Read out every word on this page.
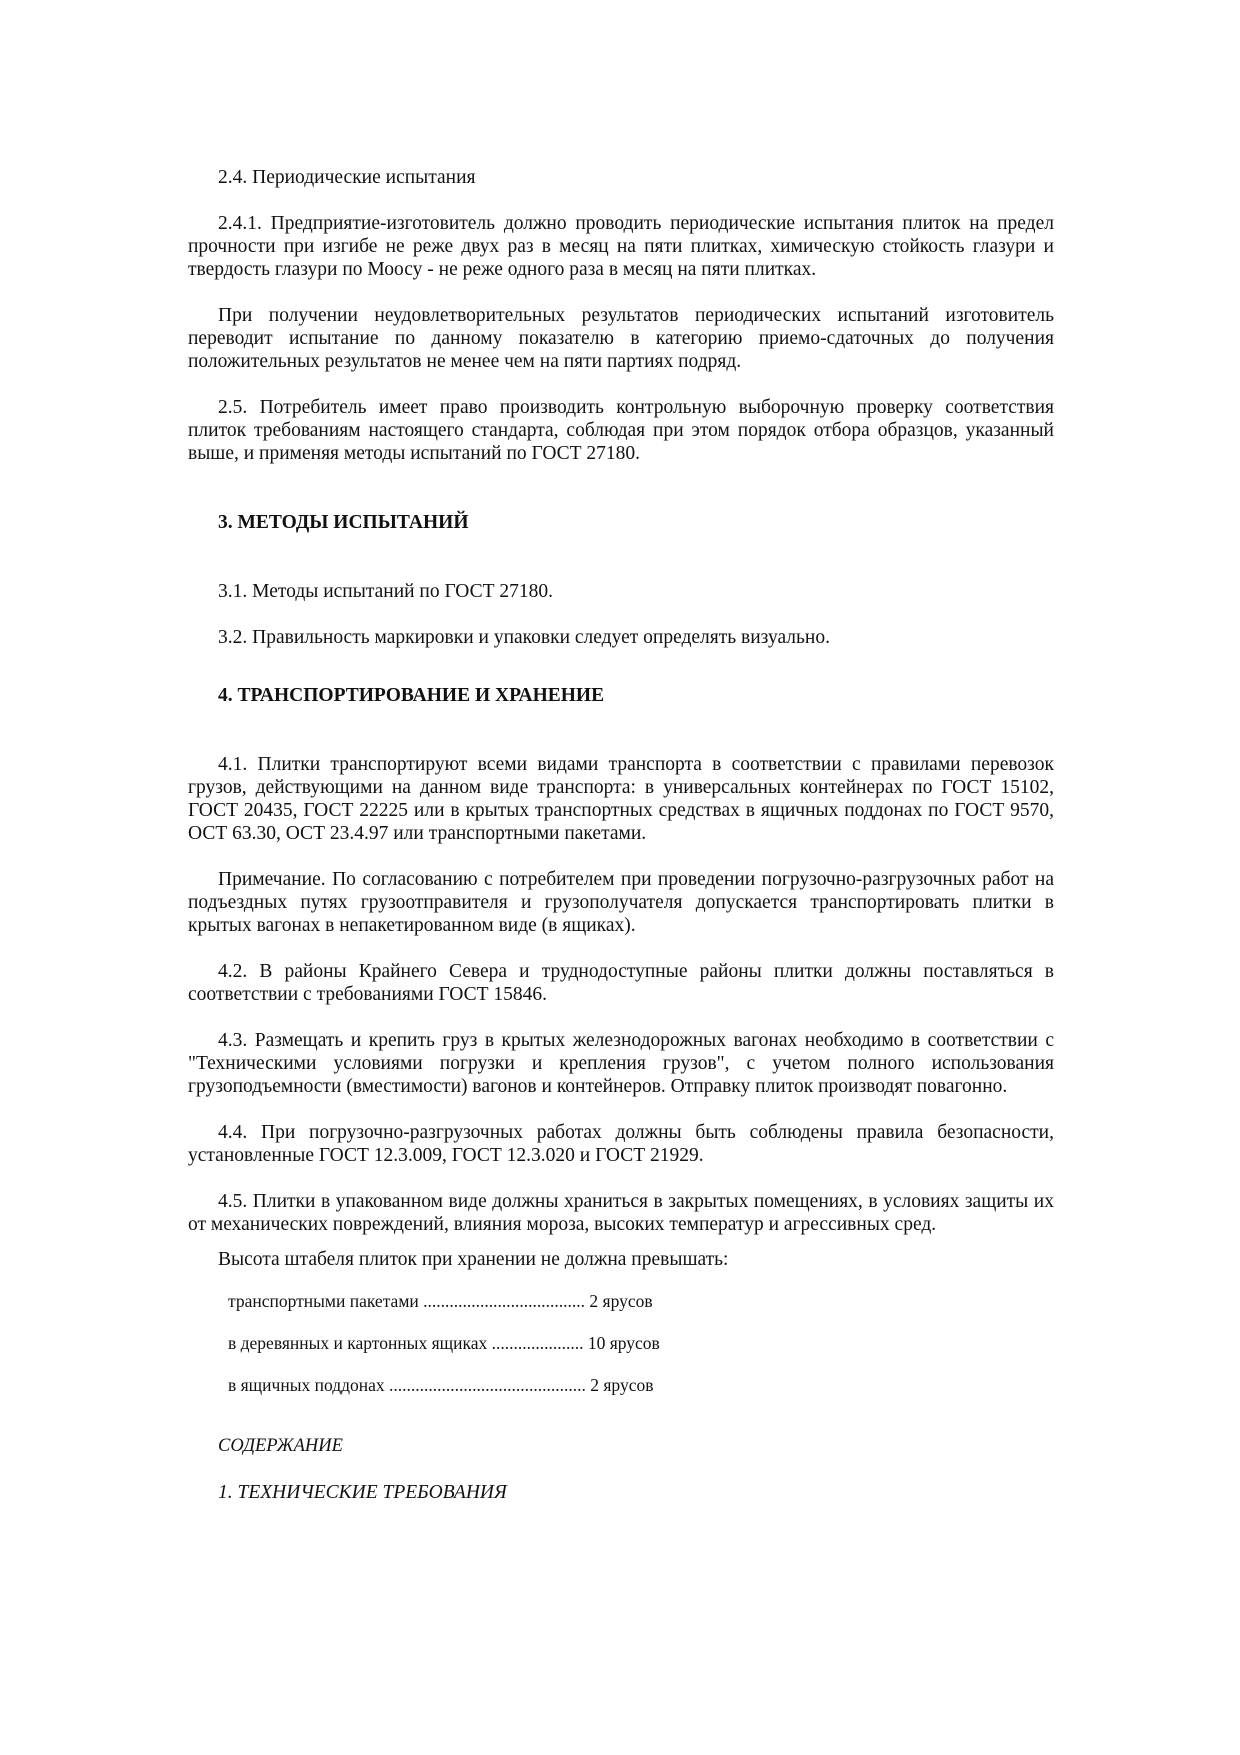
2.4. Периодические испытания

2.4.1. Предприятие-изготовитель должно проводить периодические испытания плиток на предел прочности при изгибе не реже двух раз в месяц на пяти плитках, химическую стойкость глазури и твердость глазури по Моосу - не реже одного раза в месяц на пяти плитках.

При получении неудовлетворительных результатов периодических испытаний изготовитель переводит испытание по данному показателю в категорию приемо-сдаточных до получения положительных результатов не менее чем на пяти партиях подряд.

2.5. Потребитель имеет право производить контрольную выборочную проверку соответствия плиток требованиям настоящего стандарта, соблюдая при этом порядок отбора образцов, указанный выше, и применяя методы испытаний по ГОСТ 27180.

3. МЕТОДЫ ИСПЫТАНИЙ

3.1. Методы испытаний по ГОСТ 27180.

3.2. Правильность маркировки и упаковки следует определять визуально.

4. ТРАНСПОРТИРОВАНИЕ И ХРАНЕНИЕ

4.1. Плитки транспортируют всеми видами транспорта в соответствии с правилами перевозок грузов, действующими на данном виде транспорта: в универсальных контейнерах по ГОСТ 15102, ГОСТ 20435, ГОСТ 22225 или в крытых транспортных средствах в ящичных поддонах по ГОСТ 9570, ОСТ 63.30, ОСТ 23.4.97 или транспортными пакетами.

Примечание. По согласованию с потребителем при проведении погрузочно-разгрузочных работ на подъездных путях грузоотправителя и грузополучателя допускается транспортировать плитки в крытых вагонах в непакетированном виде (в ящиках).

4.2. В районы Крайнего Севера и труднодоступные районы плитки должны поставляться в соответствии с требованиями ГОСТ 15846.

4.3. Размещать и крепить груз в крытых железнодорожных вагонах необходимо в соответствии с "Техническими условиями погрузки и крепления грузов", с учетом полного использования грузоподъемности (вместимости) вагонов и контейнеров. Отправку плиток производят повагонно.

4.4. При погрузочно-разгрузочных работах должны быть соблюдены правила безопасности, установленные ГОСТ 12.3.009, ГОСТ 12.3.020 и ГОСТ 21929.

4.5. Плитки в упакованном виде должны храниться в закрытых помещениях, в условиях защиты их от механических повреждений, влияния мороза, высоких температур и агрессивных сред.

Высота штабеля плиток при хранении не должна превышать:

транспортными пакетами ..................................... 2 ярусов

в деревянных и картонных ящиках ..................... 10 ярусов

в ящичных поддонах ............................................. 2 ярусов

СОДЕРЖАНИЕ

1. ТЕХНИЧЕСКИЕ ТРЕБОВАНИЯ
